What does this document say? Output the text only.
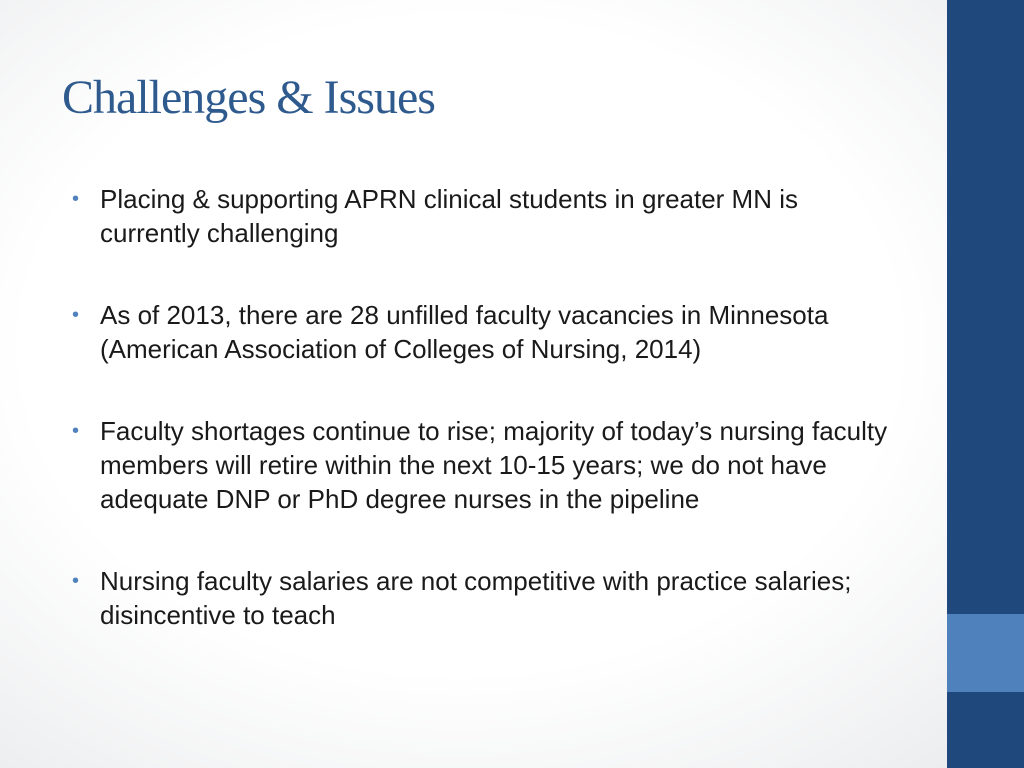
Challenges & Issues
• Placing & supporting APRN clinical students in greater MN is currently challenging
• As of 2013, there are 28 unfilled faculty vacancies in Minnesota (American Association of Colleges of Nursing, 2014)
• Faculty shortages continue to rise; majority of today’s nursing faculty members will retire within the next 10-15 years; we do not have adequate DNP or PhD degree nurses in the pipeline
• Nursing faculty salaries are not competitive with practice salaries; disincentive to teach
